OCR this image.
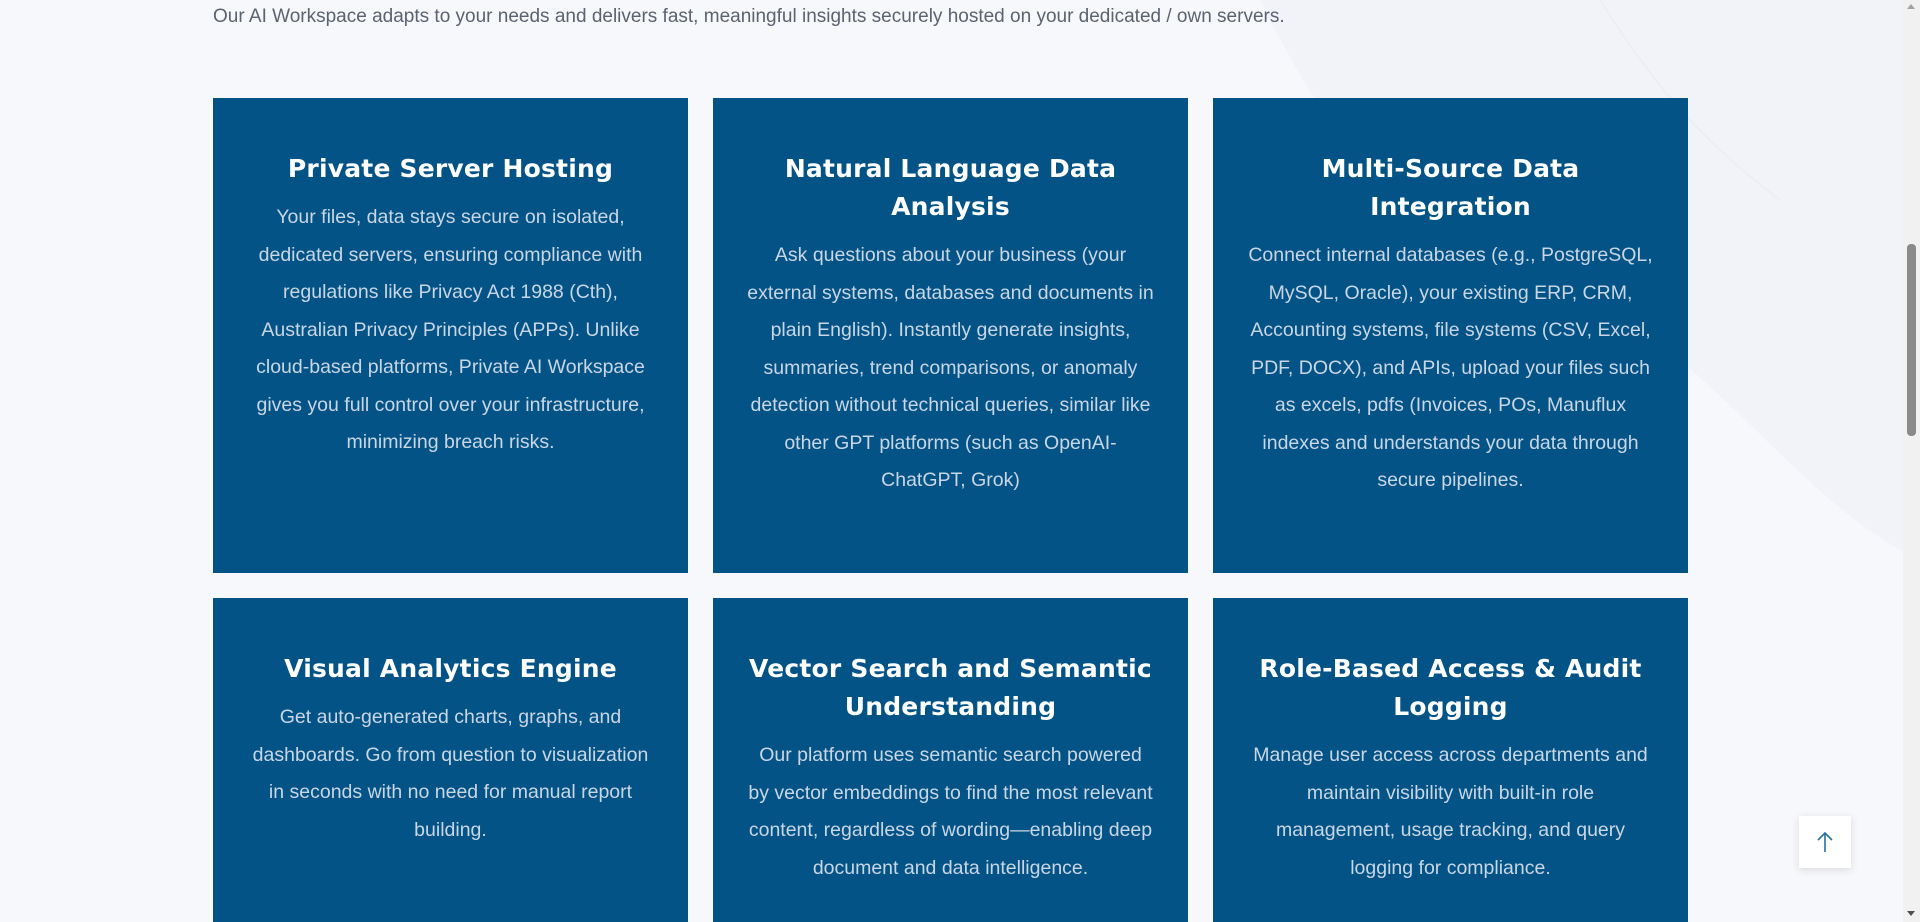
Our AI Workspace adapts to your needs and delivers fast, meaningful insights securely hosted on your dedicated / own servers.

Private Server Hosting

Your files, data stays secure on isolated, dedicated servers, ensuring compliance with regulations like Privacy Act 1988 (Cth), Australian Privacy Principles (APPs). Unlike cloud-based platforms, Private AI Workspace gives you full control over your infrastructure, minimizing breach risks.

Natural Language Data Analysis

Ask questions about your business (your external systems, databases and documents in plain English). Instantly generate insights, summaries, trend comparisons, or anomaly detection without technical queries, similar like other GPT platforms (such as OpenAI-ChatGPT, Grok)

Multi-Source Data Integration

Connect internal databases (e.g., PostgreSQL, MySQL, Oracle), your existing ERP, CRM, Accounting systems, file systems (CSV, Excel, PDF, DOCX), and APIs, upload your files such as excels, pdfs (Invoices, POs, Manuflux indexes and understands your data through secure pipelines.

Visual Analytics Engine

Get auto-generated charts, graphs, and dashboards. Go from question to visualization in seconds with no need for manual report building.

Vector Search and Semantic Understanding

Our platform uses semantic search powered by vector embeddings to find the most relevant content, regardless of wording—enabling deep document and data intelligence.

Role-Based Access & Audit Logging

Manage user access across departments and maintain visibility with built-in role management, usage tracking, and query logging for compliance.
